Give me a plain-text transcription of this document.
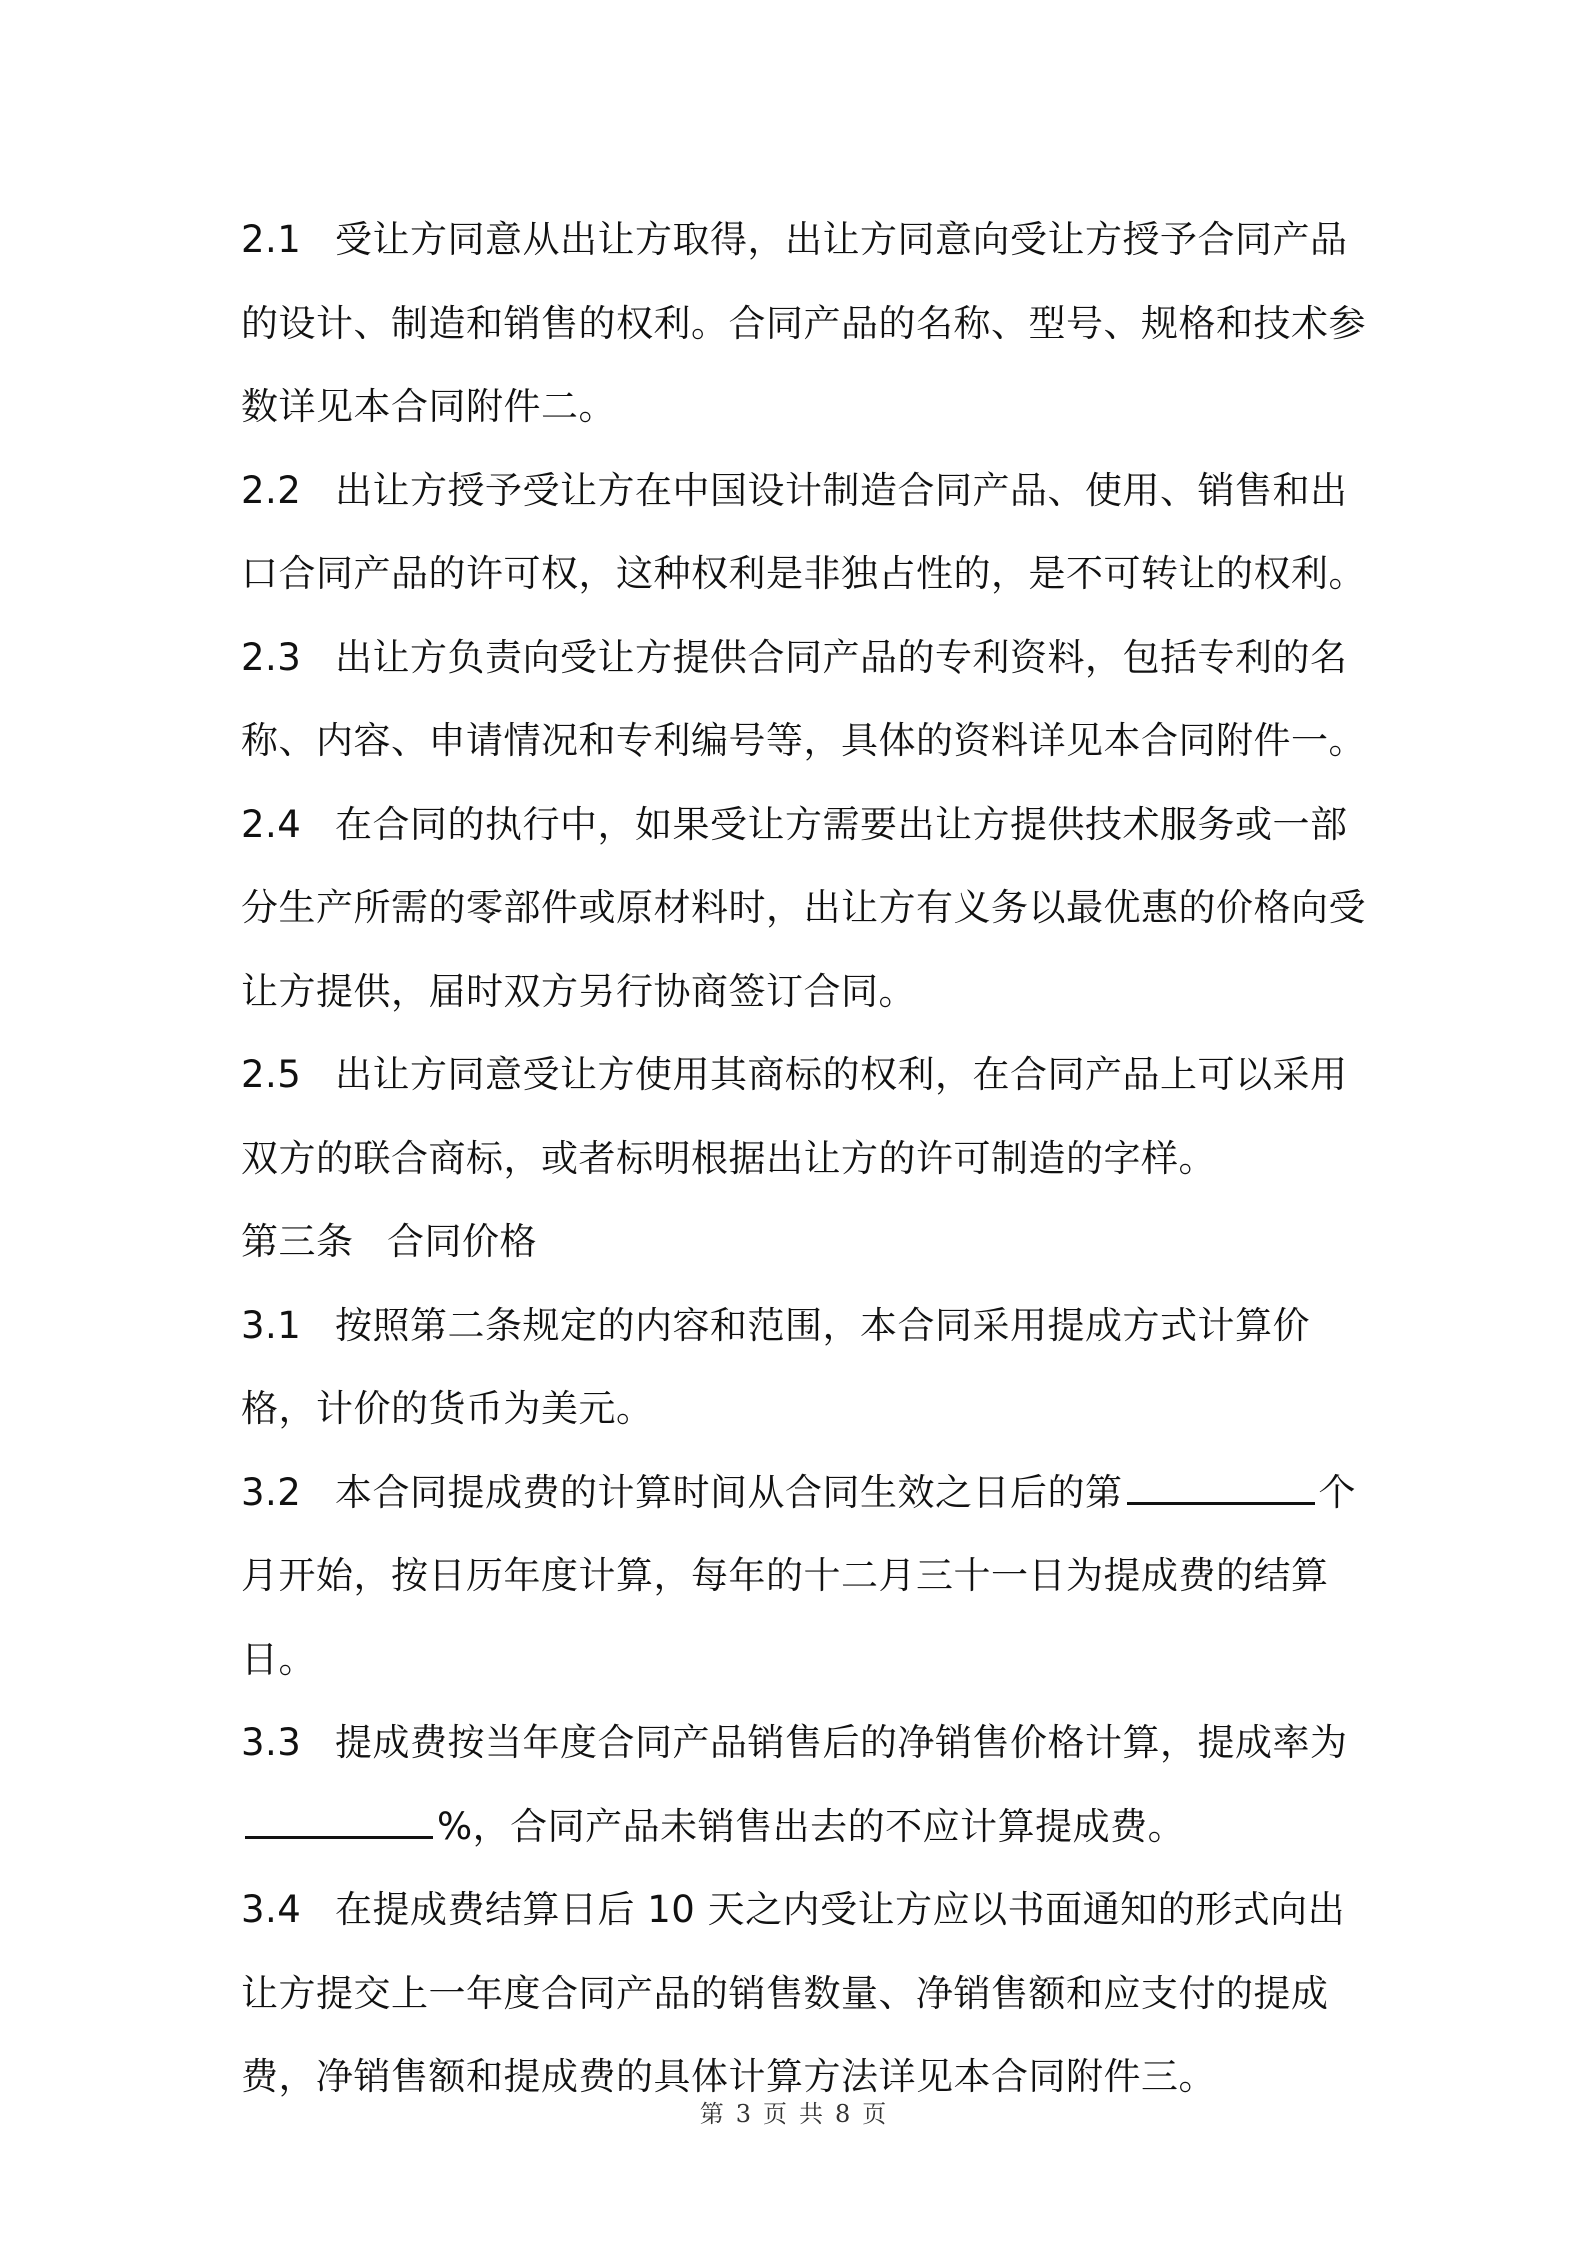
2.1 受让方同意从出让方取得，出让方同意向受让方授予合同产品的设计、制造和销售的权利。合同产品的名称、型号、规格和技术参数详见本合同附件二。

2.2 出让方授予受让方在中国设计制造合同产品、使用、销售和出口合同产品的许可权，这种权利是非独占性的，是不可转让的权利。

2.3 出让方负责向受让方提供合同产品的专利资料，包括专利的名称、内容、申请情况和专利编号等，具体的资料详见本合同附件一。

2.4 在合同的执行中，如果受让方需要出让方提供技术服务或一部分生产所需的零部件或原材料时，出让方有义务以最优惠的价格向受让方提供，届时双方另行协商签订合同。

2.5 出让方同意受让方使用其商标的权利，在合同产品上可以采用双方的联合商标，或者标明根据出让方的许可制造的字样。

第三条 合同价格

3.1 按照第二条规定的内容和范围，本合同采用提成方式计算价格，计价的货币为美元。

3.2 本合同提成费的计算时间从合同生效之日后的第	个月开始，按日历年度计算，每年的十二月三十一日为提成费的结算日。

3.3 提成费按当年度合同产品销售后的净销售价格计算，提成率为%，合同产品未销售出去的不应计算提成费。

3.4 在提成费结算日后 10 天之内受让方应以书面通知的形式向出让方提交上一年度合同产品的销售数量、净销售额和应支付的提成费，净销售额和提成费的具体计算方法详见本合同附件三。

第 3 页 共 8 页
